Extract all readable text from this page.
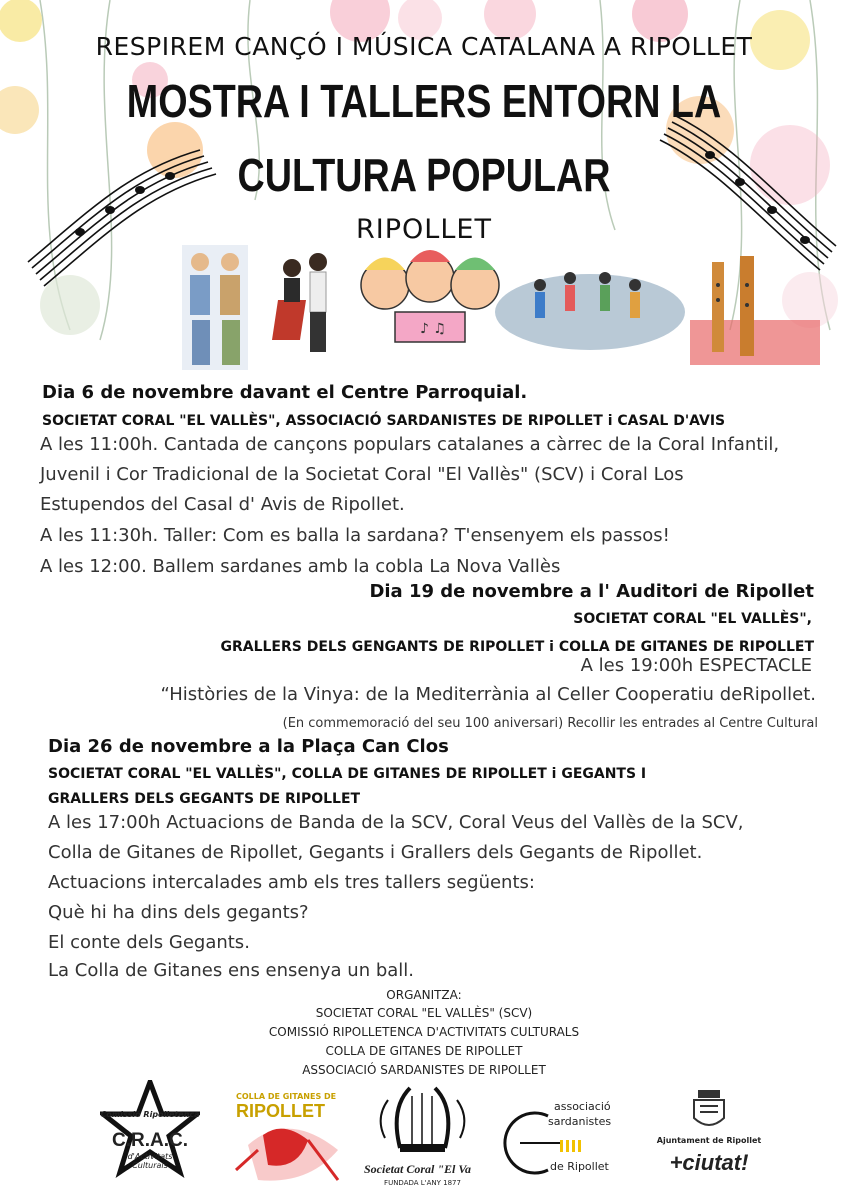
♪ ♫
RESPIREM CANÇÓ I MÚSICA CATALANA A RIPOLLET
MOSTRA I TALLERS ENTORN LA
CULTURA POPULAR
RIPOLLET
Dia 6 de novembre davant el Centre Parroquial.
SOCIETAT CORAL "EL VALLÈS", ASSOCIACIÓ SARDANISTES DE RIPOLLET i CASAL D'AVIS
A les 11:00h. Cantada de cançons populars catalanes a càrrec de la Coral Infantil,
Juvenil i Cor Tradicional de la Societat Coral "El Vallès" (SCV) i Coral Los
Estupendos del Casal d' Avis de Ripollet.
A les 11:30h. Taller: Com es balla la sardana? T'ensenyem els passos!
A les 12:00. Ballem sardanes amb la cobla La Nova Vallès
Dia 19 de novembre a l' Auditori de Ripollet
SOCIETAT CORAL "EL VALLÈS",
GRALLERS DELS GENGANTS DE RIPOLLET i COLLA DE GITANES DE RIPOLLET
A les 19:00h ESPECTACLE
“Històries de la Vinya: de la Mediterrània al Celler Cooperatiu deRipollet.
(En commemoració del seu 100 aniversari) Recollir les entrades al Centre Cultural
Dia 26 de novembre a la Plaça Can Clos
SOCIETAT CORAL "EL VALLÈS", COLLA DE GITANES DE RIPOLLET i GEGANTS I
GRALLERS DELS GEGANTS DE RIPOLLET
A les 17:00h Actuacions de Banda de la SCV, Coral Veus del Vallès de la SCV,
Colla de Gitanes de Ripollet, Gegants i Grallers dels Gegants de Ripollet.
Actuacions intercalades amb els tres tallers següents:
Què hi ha dins dels gegants?
El conte dels Gegants.
La Colla de Gitanes ens ensenya un ball.
ORGANITZA:
SOCIETAT CORAL "EL VALLÈS" (SCV)
COMISSIÓ RIPOLLETENCA D'ACTIVITATS CULTURALS
COLLA DE GITANES DE RIPOLLET
ASSOCIACIÓ SARDANISTES DE RIPOLLET
Comissió Ripolletenca
C.R.A.C.
d'Activitats Culturals
COLLA DE GITANES DE
RIPOLLET
Societat Coral "El Va
FUNDADA L'ANY 1877
associació
sardanistes
de Ripollet
Ajuntament de Ripollet
+ciutat!
